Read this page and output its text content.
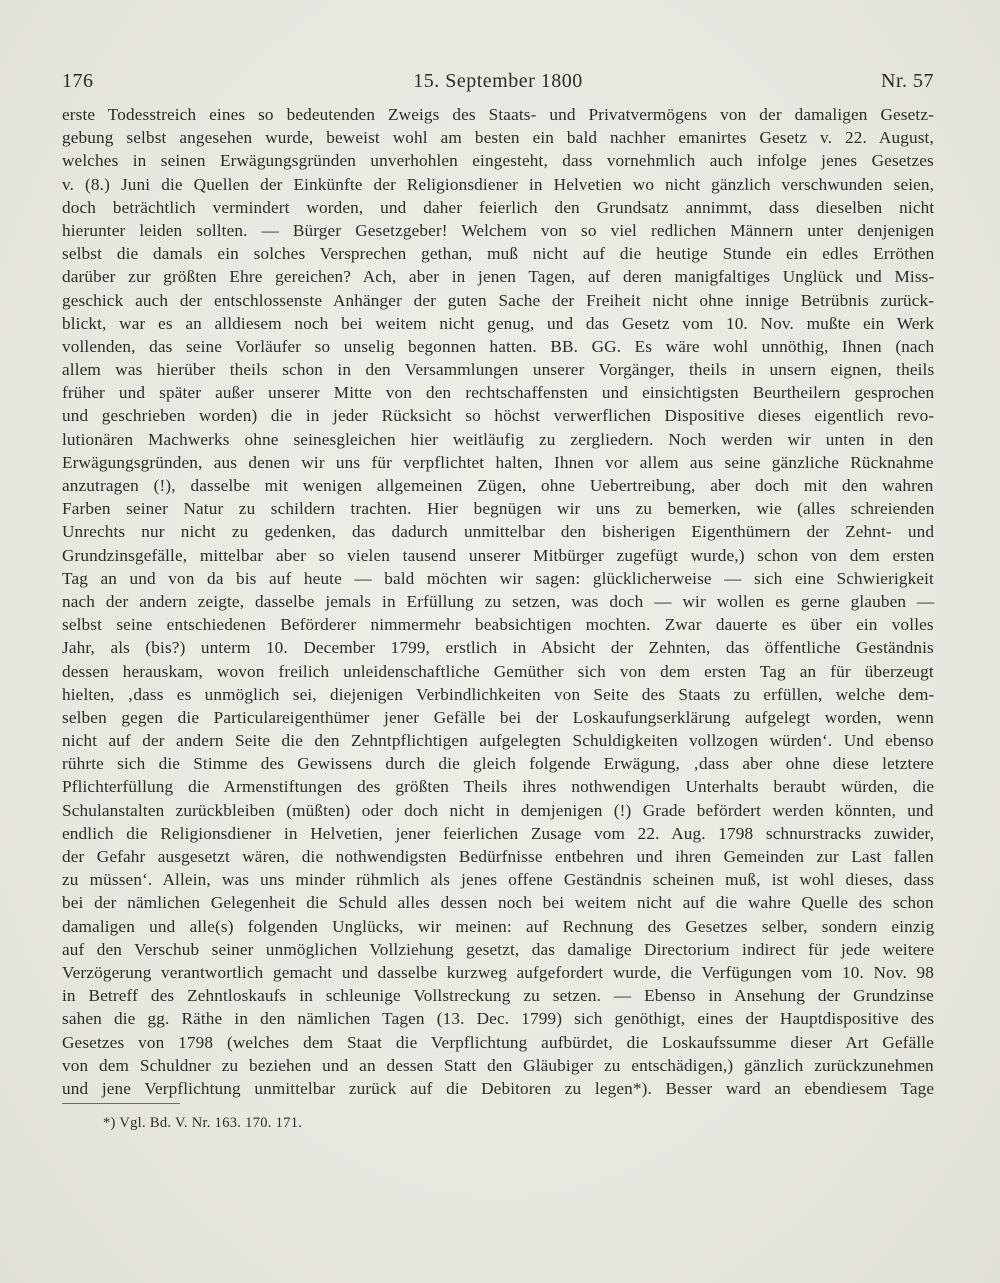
176	15. September 1800	Nr. 57
erste Todesstreich eines so bedeutenden Zweigs des Staats- und Privatvermögens von der damaligen Gesetz-
gebung selbst angesehen wurde, beweist wohl am besten ein bald nachher emanirtes Gesetz v. 22. August,
welches in seinen Erwägungsgründen unverhohlen eingesteht, dass vornehmlich auch infolge jenes Gesetzes
v. (8.) Juni die Quellen der Einkünfte der Religionsdiener in Helvetien wo nicht gänzlich verschwunden seien,
doch beträchtlich vermindert worden, und daher feierlich den Grundsatz annimmt, dass dieselben nicht
hierunter leiden sollten. — Bürger Gesetzgeber! Welchem von so viel redlichen Männern unter denjenigen
selbst die damals ein solches Versprechen gethan, muß nicht auf die heutige Stunde ein edles Erröthen
darüber zur größten Ehre gereichen? Ach, aber in jenen Tagen, auf deren manigfaltiges Unglück und Miss-
geschick auch der entschlossenste Anhänger der guten Sache der Freiheit nicht ohne innige Betrübnis zurück-
blickt, war es an alldiesem noch bei weitem nicht genug, und das Gesetz vom 10. Nov. mußte ein Werk
vollenden, das seine Vorläufer so unselig begonnen hatten. BB. GG. Es wäre wohl unnöthig, Ihnen (nach
allem was hierüber theils schon in den Versammlungen unserer Vorgänger, theils in unsern eignen, theils
früher und später außer unserer Mitte von den rechtschaffensten und einsichtigsten Beurtheilern gesprochen
und geschrieben worden) die in jeder Rücksicht so höchst verwerflichen Dispositive dieses eigentlich revo-
lutionären Machwerks ohne seinesgleichen hier weitläufig zu zergliedern. Noch werden wir unten in den
Erwägungsgründen, aus denen wir uns für verpflichtet halten, Ihnen vor allem aus seine gänzliche Rücknahme
anzutragen (!), dasselbe mit wenigen allgemeinen Zügen, ohne Uebertreibung, aber doch mit den wahren
Farben seiner Natur zu schildern trachten. Hier begnügen wir uns zu bemerken, wie (alles schreienden
Unrechts nur nicht zu gedenken, das dadurch unmittelbar den bisherigen Eigenthümern der Zehnt- und
Grundzinsgefälle, mittelbar aber so vielen tausend unserer Mitbürger zugefügt wurde,) schon von dem ersten
Tag an und von da bis auf heute — bald möchten wir sagen: glücklicherweise — sich eine Schwierigkeit
nach der andern zeigte, dasselbe jemals in Erfüllung zu setzen, was doch — wir wollen es gerne glauben —
selbst seine entschiedenen Beförderer nimmermehr beabsichtigen mochten. Zwar dauerte es über ein volles
Jahr, als (bis?) unterm 10. December 1799, erstlich in Absicht der Zehnten, das öffentliche Geständnis
dessen herauskam, wovon freilich unleidenschaftliche Gemüther sich von dem ersten Tag an für überzeugt
hielten, ‚dass es unmöglich sei, diejenigen Verbindlichkeiten von Seite des Staats zu erfüllen, welche dem-
selben gegen die Particulareigenthümer jener Gefälle bei der Loskaufungserklärung aufgelegt worden, wenn
nicht auf der andern Seite die den Zehntpflichtigen aufgelegten Schuldigkeiten vollzogen würden‘. Und ebenso
rührte sich die Stimme des Gewissens durch die gleich folgende Erwägung, ‚dass aber ohne diese letztere
Pflichterfüllung die Armenstiftungen des größten Theils ihres nothwendigen Unterhalts beraubt würden, die
Schulanstalten zurückbleiben (müßten) oder doch nicht in demjenigen (!) Grade befördert werden könnten, und
endlich die Religionsdiener in Helvetien, jener feierlichen Zusage vom 22. Aug. 1798 schnurstracks zuwider,
der Gefahr ausgesetzt wären, die nothwendigsten Bedürfnisse entbehren und ihren Gemeinden zur Last fallen
zu müssen‘. Allein, was uns minder rühmlich als jenes offene Geständnis scheinen muß, ist wohl dieses, dass
bei der nämlichen Gelegenheit die Schuld alles dessen noch bei weitem nicht auf die wahre Quelle des schon
damaligen und alle(s) folgenden Unglücks, wir meinen: auf Rechnung des Gesetzes selber, sondern einzig
auf den Verschub seiner unmöglichen Vollziehung gesetzt, das damalige Directorium indirect für jede weitere
Verzögerung verantwortlich gemacht und dasselbe kurzweg aufgefordert wurde, die Verfügungen vom 10. Nov. 98
in Betreff des Zehntloskaufs in schleunige Vollstreckung zu setzen. — Ebenso in Ansehung der Grundzinse
sahen die gg. Räthe in den nämlichen Tagen (13. Dec. 1799) sich genöthigt, eines der Hauptdispositive des
Gesetzes von 1798 (welches dem Staat die Verpflichtung aufbürdet, die Loskaufssumme dieser Art Gefälle
von dem Schuldner zu beziehen und an dessen Statt den Gläubiger zu entschädigen,) gänzlich zurückzunehmen
und jene Verpflichtung unmittelbar zurück auf die Debitoren zu legen*). Besser ward an ebendiesem Tage
*) Vgl. Bd. V. Nr. 163. 170. 171.
